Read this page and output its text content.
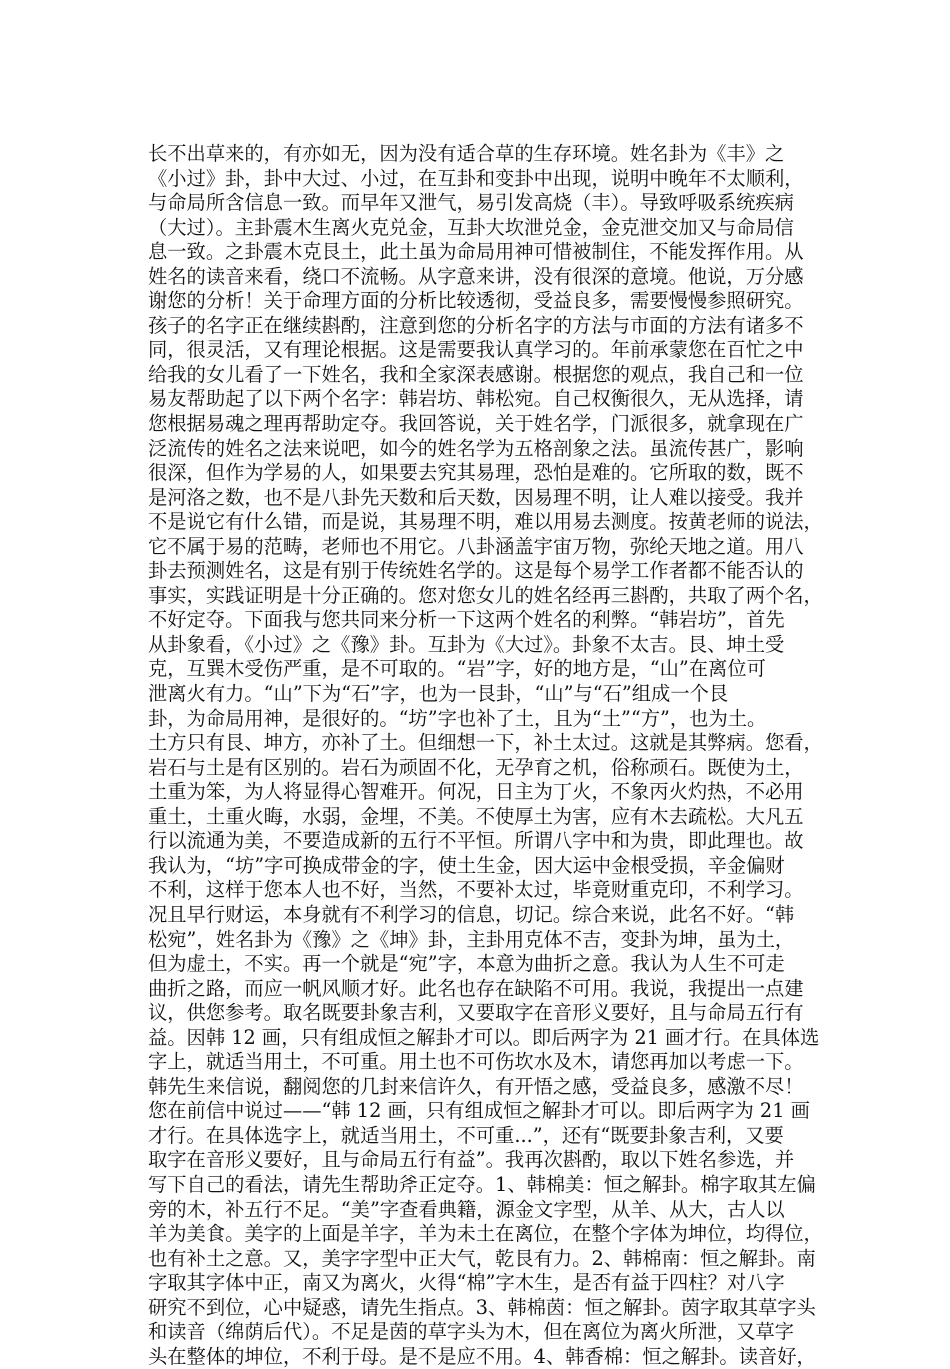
长不出草来的，有亦如无，因为没有适合草的生存环境。姓名卦为《丰》之
《小过》卦，卦中大过、小过，在互卦和变卦中出现，说明中晚年不太顺利，
与命局所含信息一致。而早年又泄气，易引发高烧（丰）。导致呼吸系统疾病
（大过）。主卦震木生离火克兑金，互卦大坎泄兑金，金克泄交加又与命局信
息一致。之卦震木克艮土，此土虽为命局用神可惜被制住，不能发挥作用。从
姓名的读音来看，绕口不流畅。从字意来讲，没有很深的意境。他说，万分感
谢您的分析！关于命理方面的分析比较透彻，受益良多，需要慢慢参照研究。
孩子的名字正在继续斟酌，注意到您的分析名字的方法与市面的方法有诸多不
同，很灵活，又有理论根据。这是需要我认真学习的。年前承蒙您在百忙之中
给我的女儿看了一下姓名，我和全家深表感谢。根据您的观点，我自己和一位
易友帮助起了以下两个名字：韩岩坊、韩松宛。自己权衡很久，无从选择，请
您根据易魂之理再帮助定夺。我回答说，关于姓名学，门派很多，就拿现在广
泛流传的姓名之法来说吧，如今的姓名学为五格剖象之法。虽流传甚广，影响
很深，但作为学易的人，如果要去究其易理，恐怕是难的。它所取的数，既不
是河洛之数，也不是八卦先天数和后天数，因易理不明，让人难以接受。我并
不是说它有什么错，而是说，其易理不明，难以用易去测度。按黄老师的说法，
它不属于易的范畴，老师也不用它。八卦涵盖宇宙万物，弥纶天地之道。用八
卦去预测姓名，这是有别于传统姓名学的。这是每个易学工作者都不能否认的
事实，实践证明是十分正确的。您对您女儿的姓名经再三斟酌，共取了两个名，
不好定夺。下面我与您共同来分析一下这两个姓名的利弊。“韩岩坊”，首先
从卦象看，《小过》之《豫》卦。互卦为《大过》。卦象不太吉。艮、坤土受
克，互巽木受伤严重，是不可取的。“岩”字，好的地方是，“山”在离位可
泄离火有力。“山”下为“石”字，也为一艮卦，“山”与“石”组成一个艮
卦，为命局用神，是很好的。“坊”字也补了土，且为“土”“方”，也为土。
土方只有艮、坤方，亦补了土。但细想一下，补土太过。这就是其弊病。您看，
岩石与土是有区别的。岩石为顽固不化，无孕育之机，俗称顽石。既使为土，
土重为笨，为人将显得心智难开。何况，日主为丁火，不象丙火灼热，不必用
重土，土重火晦，水弱，金埋，不美。不使厚土为害，应有木去疏松。大凡五
行以流通为美，不要造成新的五行不平恒。所谓八字中和为贵，即此理也。故
我认为，“坊”字可换成带金的字，使土生金，因大运中金根受损，辛金偏财
不利，这样于您本人也不好，当然，不要补太过，毕竟财重克印，不利学习。
况且早行财运，本身就有不利学习的信息，切记。综合来说，此名不好。“韩
松宛”，姓名卦为《豫》之《坤》卦，主卦用克体不吉，变卦为坤，虽为土，
但为虚土，不实。再一个就是“宛”字，本意为曲折之意。我认为人生不可走
曲折之路，而应一帆风顺才好。此名也存在缺陷不可用。我说，我提出一点建
议，供您参考。取名既要卦象吉利，又要取字在音形义要好，且与命局五行有
益。因韩 12 画，只有组成恒之解卦才可以。即后两字为 21 画才行。在具体选
字上，就适当用土，不可重。用土也不可伤坎水及木，请您再加以考虑一下。
韩先生来信说，翻阅您的几封来信许久，有开悟之感，受益良多，感激不尽！
您在前信中说过——“韩 12 画，只有组成恒之解卦才可以。即后两字为 21 画
才行。在具体选字上，就适当用土，不可重...”，还有“既要卦象吉利，又要
取字在音形义要好，且与命局五行有益”。我再次斟酌，取以下姓名参选，并
写下自己的看法，请先生帮助斧正定夺。1、韩棉美：恒之解卦。棉字取其左偏
旁的木，补五行不足。“美”字查看典籍，源金文字型，从羊、从大，古人以
羊为美食。美字的上面是羊字，羊为未土在离位，在整个字体为坤位，均得位，
也有补土之意。又，美字字型中正大气，乾艮有力。2、韩棉南：恒之解卦。南
字取其字体中正，南又为离火，火得“棉”字木生，是否有益于四柱？对八字
研究不到位，心中疑惑，请先生指点。3、韩棉茵：恒之解卦。茵字取其草字头
和读音（绵荫后代）。不足是茵的草字头为木，但在离位为离火所泄，又草字
头在整体的坤位，不利于母。是不是应不用。4、韩香棉：恒之解卦。读音好，
